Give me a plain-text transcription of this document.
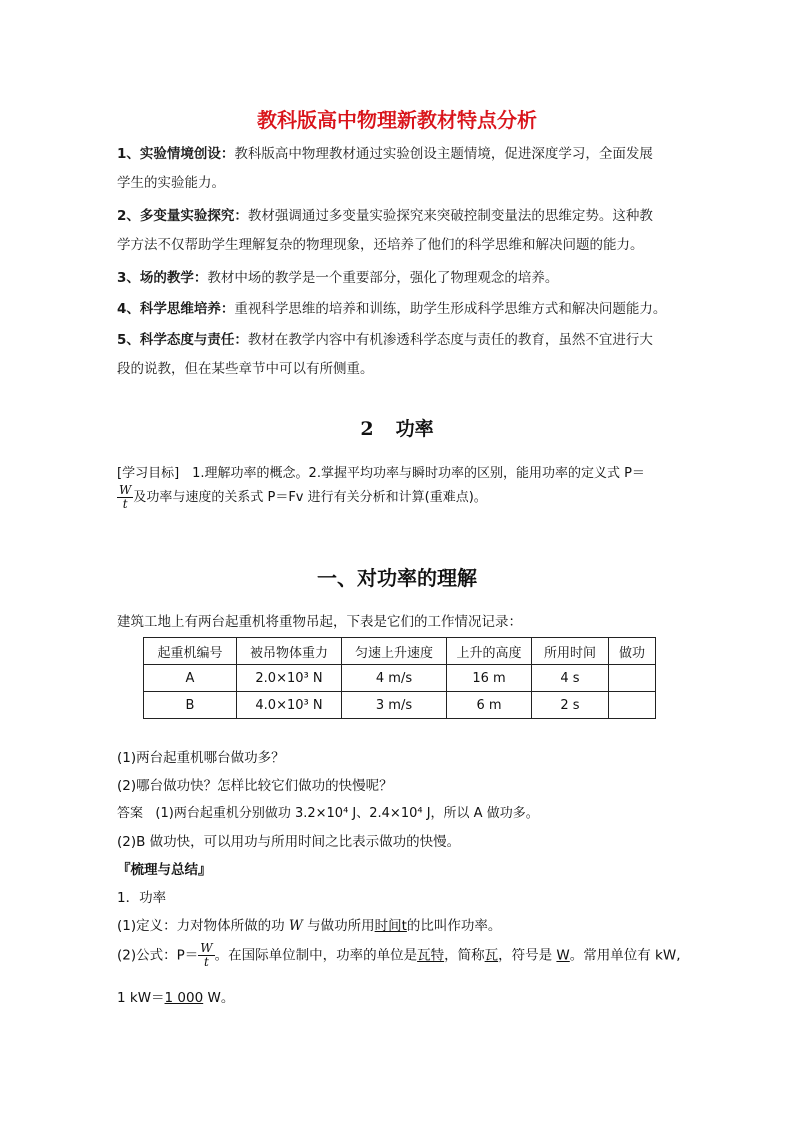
教科版高中物理新教材特点分析
1、实验情境创设：教科版高中物理教材通过实验创设主题情境，促进深度学习，全面发展
学生的实验能力。
2、多变量实验探究：教材强调通过多变量实验探究来突破控制变量法的思维定势。这种教
学方法不仅帮助学生理解复杂的物理现象，还培养了他们的科学思维和解决问题的能力。
3、场的教学：教材中场的教学是一个重要部分，强化了物理观念的培养。
4、科学思维培养：重视科学思维的培养和训练，助学生形成科学思维方式和解决问题能力。
5、科学态度与责任：教材在教学内容中有机渗透科学态度与责任的教育，虽然不宜进行大
段的说教，但在某些章节中可以有所侧重。
2 功率
[学习目标]　1.理解功率的概念。2.掌握平均功率与瞬时功率的区别，能用功率的定义式 P＝
$\frac{W}{t}$ 及功率与速度的关系式 P＝Fv 进行有关分析和计算(重难点)。
一、对功率的理解
建筑工地上有两台起重机将重物吊起，下表是它们的工作情况记录：
起重机编号	被吊物体重力	匀速上升速度	上升的高度	所用时间	做功
A	2.0×10³ N	4 m/s	16 m	4 s	
B	4.0×10³ N	3 m/s	6 m	2 s	
(1)两台起重机哪台做功多？
(2)哪台做功快？怎样比较它们做功的快慢呢？
答案 (1)两台起重机分别做功 3.2×10⁴ J、2.4×10⁴ J，所以 A 做功多。
(2)B 做功快，可以用功与所用时间之比表示做功的快慢。
『梳理与总结』
1．功率
(1)定义：力对物体所做的功 W 与做功所用时间t的比叫作功率。
(2)公式：$P= \frac{W}{t}$ 。在国际单位制中，功率的单位是瓦特，简称瓦，符号是 W。常用单位有 kW,
1 kW＝1 000 W。
